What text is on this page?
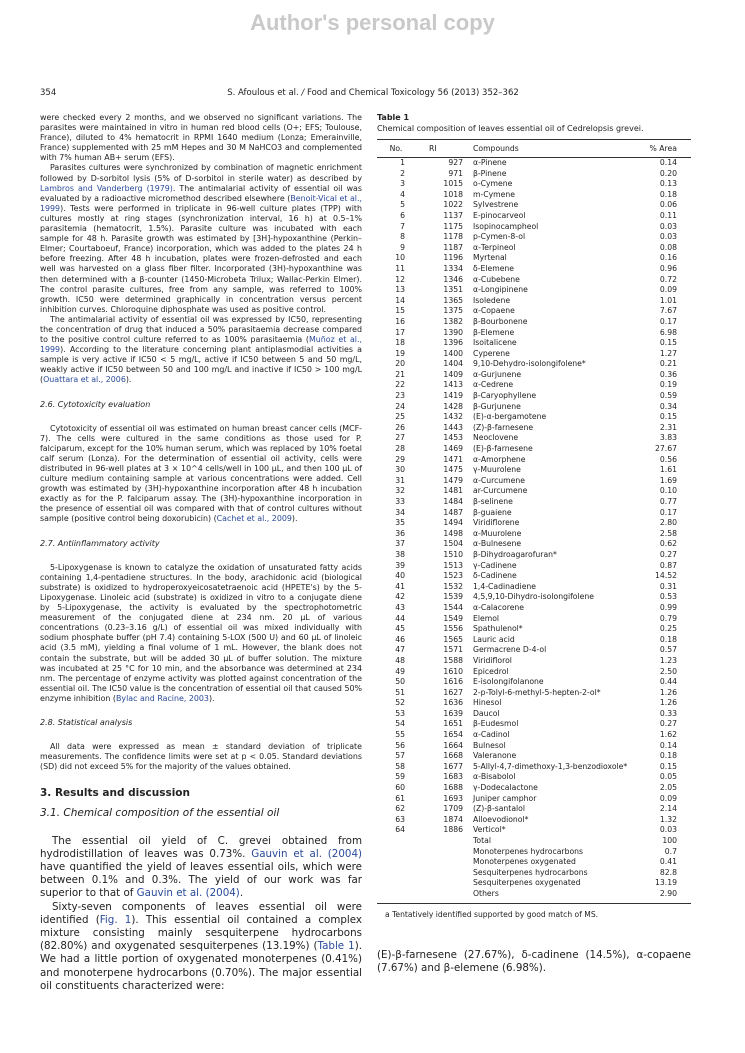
Author's personal copy
354	S. Afoulous et al. / Food and Chemical Toxicology 56 (2013) 352–362

were checked every 2 months, and we observed no significant variations. The parasites were maintained in vitro in human red blood cells (O+; EFS; Toulouse, France), diluted to 4% hematocrit in RPMI 1640 medium (Lonza; Emerainville, France) supplemented with 25 mM Hepes and 30 M NaHCO3 and complemented with 7% human AB+ serum (EFS).

Parasites cultures were synchronized by combination of magnetic enrichment followed by D-sorbitol lysis (5% of D-sorbitol in sterile water) as described by Lambros and Vanderberg (1979). The antimalarial activity of essential oil was evaluated by a radioactive micromethod described elsewhere (Benoit-Vical et al., 1999). Tests were performed in triplicate in 96-well culture plates (TPP) with cultures mostly at ring stages (synchronization interval, 16 h) at 0.5–1% parasitemia (hematocrit, 1.5%). Parasite culture was incubated with each sample for 48 h. Parasite growth was estimated by [3H]-hypoxanthine (Perkin–Elmer; Courtaboeuf, France) incorporation, which was added to the plates 24 h before freezing. After 48 h incubation, plates were frozen-defrosted and each well was harvested on a glass fiber filter. Incorporated (3H)-hypoxanthine was then determined with a β-counter (1450-Microbeta Trilux; Wallac-Perkin Elmer). The control parasite cultures, free from any sample, was referred to 100% growth. IC50 were determined graphically in concentration versus percent inhibition curves. Chloroquine diphosphate was used as positive control.

The antimalarial activity of essential oil was expressed by IC50, representing the concentration of drug that induced a 50% parasitaemia decrease compared to the positive control culture referred to as 100% parasitaemia (Muñoz et al., 1999). According to the literature concerning plant antiplasmodial activities a sample is very active if IC50 < 5 mg/L, active if IC50 between 5 and 50 mg/L, weakly active if IC50 between 50 and 100 mg/L and inactive if IC50 > 100 mg/L (Ouattara et al., 2006).

2.6. Cytotoxicity evaluation

Cytotoxicity of essential oil was estimated on human breast cancer cells (MCF-7). The cells were cultured in the same conditions as those used for P. falciparum, except for the 10% human serum, which was replaced by 10% foetal calf serum (Lonza). For the determination of essential oil activity, cells were distributed in 96-well plates at 3 × 10^4 cells/well in 100 μL, and then 100 μL of culture medium containing sample at various concentrations were added. Cell growth was estimated by (3H)-hypoxanthine incorporation after 48 h incubation exactly as for the P. falciparum assay. The (3H)-hypoxanthine incorporation in the presence of essential oil was compared with that of control cultures without sample (positive control being doxorubicin) (Cachet et al., 2009).

2.7. Antiinflammatory activity

5-Lipoxygenase is known to catalyze the oxidation of unsaturated fatty acids containing 1,4-pentadiene structures. In the body, arachidonic acid (biological substrate) is oxidized to hydroperoxyeicosatetraenoic acid (HPETE's) by the 5-Lipoxygenase. Linoleic acid (substrate) is oxidized in vitro to a conjugate diene by 5-Lipoxygenase, the activity is evaluated by the spectrophotometric measurement of the conjugated diene at 234 nm. 20 μL of various concentrations (0.23–3.16 g/L) of essential oil was mixed individually with sodium phosphate buffer (pH 7.4) containing 5-LOX (500 U) and 60 μL of linoleic acid (3.5 mM), yielding a final volume of 1 mL. However, the blank does not contain the substrate, but will be added 30 μL of buffer solution. The mixture was incubated at 25 °C for 10 min, and the absorbance was determined at 234 nm. The percentage of enzyme activity was plotted against concentration of the essential oil. The IC50 value is the concentration of essential oil that caused 50% enzyme inhibition (Bylac and Racine, 2003).

2.8. Statistical analysis

All data were expressed as mean ± standard deviation of triplicate measurements. The confidence limits were set at p < 0.05. Standard deviations (SD) did not exceed 5% for the majority of the values obtained.

3. Results and discussion
3.1. Chemical composition of the essential oil

The essential oil yield of C. grevei obtained from hydrodistillation of leaves was 0.73%. Gauvin et al. (2004) have quantified the yield of leaves essential oils, which were between 0.1% and 0.3%. The yield of our work was far superior to that of Gauvin et al. (2004).

Sixty-seven components of leaves essential oil were identified (Fig. 1). This essential oil contained a complex mixture consisting mainly sesquiterpene hydrocarbons (82.80%) and oxygenated sesquiterpenes (13.19%) (Table 1). We had a little portion of oxygenated monoterpenes (0.41%) and monoterpene hydrocarbons (0.70%). The major essential oil constituents characterized were:

Table 1
Chemical composition of leaves essential oil of Cedrelopsis grevei.
No.	RI	Compounds	% Area
1	927	α-Pinene	0.14
2	971	β-Pinene	0.20
3	1015	o-Cymene	0.13
4	1018	m-Cymene	0.18
5	1022	Sylvestrene	0.06
6	1137	E-pinocarveol	0.11
7	1175	Isopinocampheol	0.03
8	1178	p-Cymen-8-ol	0.03
9	1187	α-Terpineol	0.08
10	1196	Myrtenal	0.16
11	1334	δ-Elemene	0.96
12	1346	α-Cubebene	0.72
13	1351	α-Longipinene	0.09
14	1365	Isoledene	1.01
15	1375	α-Copaene	7.67
16	1382	β-Bourbonene	0.17
17	1390	β-Elemene	6.98
18	1396	Isoitalicene	0.15
19	1400	Cyperene	1.27
20	1404	9,10-Dehydro-isolongifolene*	0.21
21	1409	α-Gurjunene	0.36
22	1413	α-Cedrene	0.19
23	1419	β-Caryophyllene	0.59
24	1428	β-Gurjunene	0.34
25	1432	(E)-α-bergamotene	0.15
26	1443	(Z)-β-farnesene	2.31
27	1453	Neoclovene	3.83
28	1469	(E)-β-farnesene	27.67
29	1471	α-Amorphene	0.56
30	1475	γ-Muurolene	1.61
31	1479	α-Curcumene	1.69
32	1481	ar-Curcumene	0.10
33	1484	β-selinene	0.77
34	1487	β-guaiene	0.17
35	1494	Viridiflorene	2.80
36	1498	α-Muurolene	2.58
37	1504	α-Bulnesene	0.62
38	1510	β-Dihydroagarofuran*	0.27
39	1513	γ-Cadinene	0.87
40	1523	δ-Cadinene	14.52
41	1532	1,4-Cadinadiene	0.31
42	1539	4,5,9,10-Dihydro-isolongifolene	0.53
43	1544	α-Calacorene	0.99
44	1549	Elemol	0.79
45	1556	Spathulenol*	0.25
46	1565	Lauric acid	0.18
47	1571	Germacrene D-4-ol	0.57
48	1588	Viridiflorol	1.23
49	1610	Epicedrol	2.50
50	1616	E-isolongifolanone	0.44
51	1627	2-p-Tolyl-6-methyl-5-hepten-2-ol*	1.26
52	1636	Hinesol	1.26
53	1639	Daucol	0.33
54	1651	β-Eudesmol	0.27
55	1654	α-Cadinol	1.62
56	1664	Bulnesol	0.14
57	1668	Valeranone	0.18
58	1677	5-Allyl-4,7-dimethoxy-1,3-benzodioxole*	0.15
59	1683	α-Bisabolol	0.05
60	1688	γ-Dodecalactone	2.05
61	1693	Juniper camphor	0.09
62	1709	(Z)-β-santalol	2.14
63	1874	Alloevodionol*	1.32
64	1886	Verticol*	0.03
		Total	100
		Monoterpenes hydrocarbons	0.7
		Monoterpenes oxygenated	0.41
		Sesquiterpenes hydrocarbons	82.8
		Sesquiterpenes oxygenated	13.19
		Others	2.90
a Tentatively identified supported by good match of MS.
(E)-β-farnesene (27.67%), δ-cadinene (14.5%), α-copaene (7.67%) and β-elemene (6.98%).
